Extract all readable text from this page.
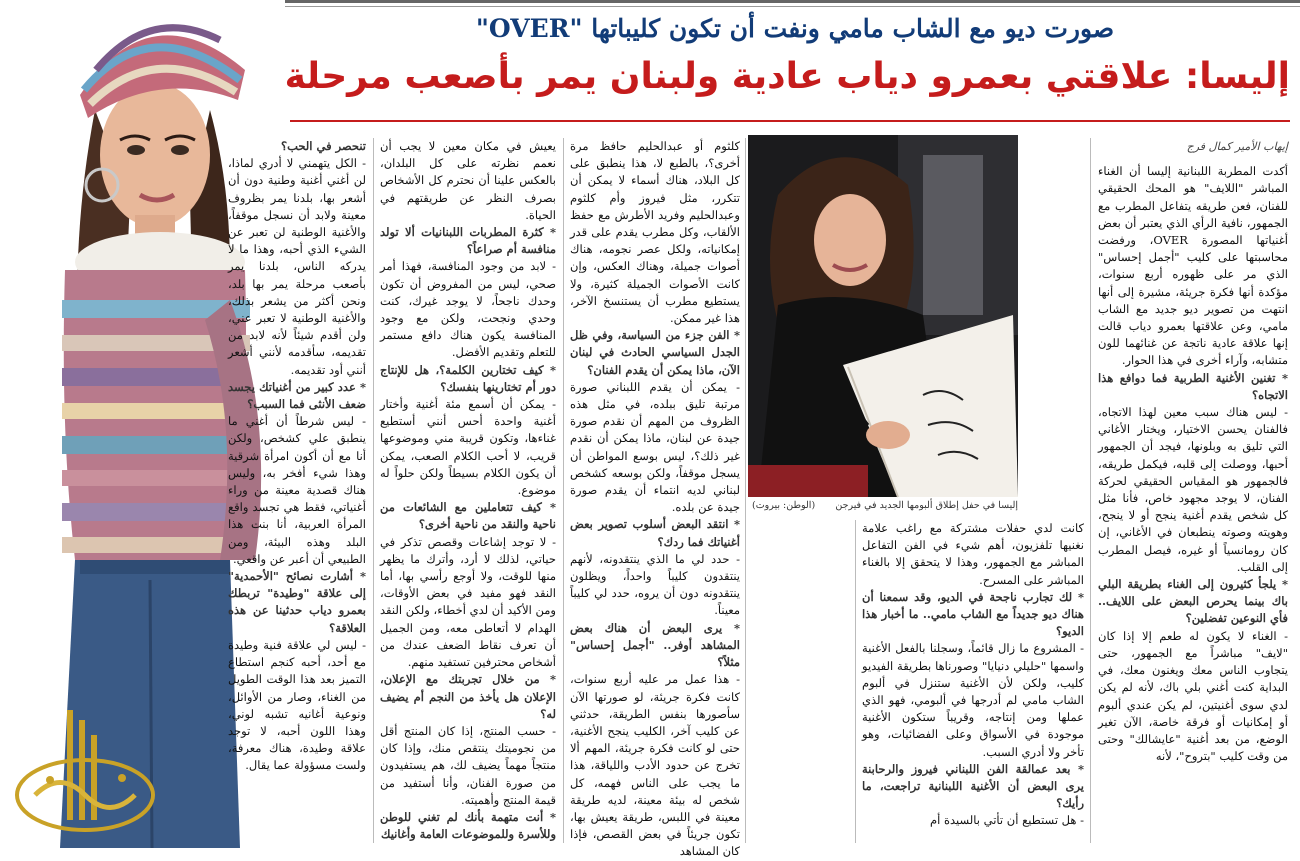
صورت ديو مع الشاب مامي ونفت أن تكون كليباتها "OVER"
إليسا: علاقتي بعمرو دياب عادية ولبنان يمر بأصعب مرحلة

إيهاب الأمير كمال فرج

أكدت المطربة اللبنانية إليسا أن الغناء المباشر "اللايف" هو المحك الحقيقي للفنان، فعن طريقه يتفاعل المطرب مع الجمهور، نافية الرأي الذي يعتبر أن بعض أغنياتها المصورة OVER، ورفضت محاسبتها على كليب "أجمل إحساس" الذي مر على ظهوره أربع سنوات، مؤكدة أنها فكرة جريئة، مشيرة إلى أنها انتهت من تصوير ديو جديد مع الشاب مامي، وعن علاقتها بعمرو دياب قالت إنها علاقة عادية ناتجة عن غنائهما للون متشابه، وآراء أخرى في هذا الحوار.

* تغنين الأغنية الطربية فما دوافع هذا الاتجاه؟

- ليس هناك سبب معين لهذا الاتجاه، فالفنان يحسن الاختيار، ويختار الأغاني التي تليق به وبلونها، فيجد أن الجمهور أحبها، ووصلت إلى قلبه، فيكمل طريقه، فالجمهور هو المقياس الحقيقي لحركة الفنان، لا يوجد مجهود خاص، فأنا مثل كل شخص يقدم أغنية ينجح أو لا ينجح، وهويته وصوته ينطبعان في الأغاني، إن كان رومانسياً أو غيره، فيصل المطرب إلى القلب.

* يلجأ كثيرون إلى الغناء بطريقة البلي باك بينما يحرص البعض على اللايف.. فأي النوعين تفضلين؟

- الغناء لا يكون له طعم إلا إذا كان "لايف" مباشراً مع الجمهور، حتى يتجاوب الناس معك ويغنون معك، في البداية كنت أغني بلي باك، لأنه لم يكن لدي سوى أغنيتين، لم يكن عندي ألبوم أو إمكانيات أو فرقة خاصة، الآن تغير الوضع، من بعد أغنية "عايشالك" وحتى من وقت كليب "بتروح"، لأنه

إليسا في حفل إطلاق ألبومها الجديد في فيرجن
(الوطن: بيروت)

كانت لدي حفلات مشتركة مع راغب علامة نغنيها تلفزيون، أهم شيء في الفن التفاعل المباشر مع الجمهور، وهذا لا يتحقق إلا بالغناء المباشر على المسرح.

* لك تجارب ناجحة في الديو، وقد سمعنا أن هناك ديو جديداً مع الشاب مامي.. ما أخبار هذا الديو؟

- المشروع ما زال قائماً، وسجلنا بالفعل الأغنية واسمها "حليلي دنيايا" وصورناها بطريقة الفيديو كليب، ولكن لأن الأغنية ستنزل في ألبوم الشاب مامي لم أدرجها في ألبومي، فهو الذي عملها ومن إنتاجه، وقريباً ستكون الأغنية موجودة في الأسواق وعلى الفضائيات، وهو تأخر ولا أدري السبب.

* بعد عمالقة الفن اللبناني فيروز والرحابنة يرى البعض أن الأغنية اللبنانية تراجعت، ما رأيك؟

- هل تستطيع أن تأتي بالسيدة أم

كلثوم أو عبدالحليم حافظ مرة أخرى؟، بالطبع لا، هذا ينطبق على كل البلاد، هناك أسماء لا يمكن أن تتكرر، مثل فيروز وأم كلثوم وعبدالحليم وفريد الأطرش مع حفظ الألقاب، وكل مطرب يقدم على قدر إمكانياته، ولكل عصر نجومه، هناك أصوات جميلة، وهناك العكس، وإن كانت الأصوات الجميلة كثيرة، ولا يستطيع مطرب أن يستنسخ الآخر، هذا غير ممكن.

* الفن جزء من السياسة، وفي ظل الجدل السياسي الحادث في لبنان الآن، ماذا يمكن أن يقدم الفنان؟

- يمكن أن يقدم اللبناني صورة مرتبة تليق ببلده، في مثل هذه الظروف من المهم أن نقدم صورة جيدة عن لبنان، ماذا يمكن أن نقدم غير ذلك؟، ليس بوسع المواطن أن يسجل موقفاً، ولكن بوسعه كشخص لبناني لديه انتماء أن يقدم صورة جيدة عن بلده.

* انتقد البعض أسلوب تصوير بعض أغنياتك فما ردك؟

- حدد لي ما الذي ينتقدونه، لأنهم ينتقدون كليباً واحداً، ويظلون ينتقدونه دون أن يروه، حدد لي كليباً معيناً.

* يرى البعض أن هناك بعض المشاهد أوفر.. "أجمل إحساس" مثلاً؟

- هذا عمل مر عليه أربع سنوات، كانت فكرة جريئة، لو صورتها الآن سأصورها بنفس الطريقة، حدثني عن كليب آخر، الكليب ينجح الأغنية، حتى لو كانت فكرة جريئة، المهم ألا تخرج عن حدود الأدب واللياقة، هذا ما يجب على الناس فهمه، كل شخص له بيئة معينة، لديه طريقة معينة في اللبس، طريقة يعيش بها، تكون جريئاً في بعض القصص، فإذا كان المشاهد

يعيش في مكان معين لا يجب أن نعمم نظرته على كل البلدان، بالعكس علينا أن نحترم كل الأشخاص بصرف النظر عن طريقتهم في الحياة.

* كثرة المطربات اللبنانيات ألا تولد منافسة أم صراعاً؟

- لابد من وجود المنافسة، فهذا أمر صحي، ليس من المفروض أن تكون وحدك ناجحاً، لا يوجد غيرك، كنت وحدي ونجحت، ولكن مع وجود المنافسة يكون هناك دافع مستمر للتعلم وتقديم الأفضل.

* كيف تختارين الكلمة؟، هل للإنتاج دور أم تختارينها بنفسك؟

- يمكن أن أسمع مئة أغنية وأختار أغنية واحدة أحس أنني أستطيع غناءها، وتكون قريبة مني وموضوعها قريب، لا أحب الكلام الصعب، يمكن أن يكون الكلام بسيطاً ولكن حلواً له موضوع.

* كيف تتعاملين مع الشائعات من ناحية والنقد من ناحية أخرى؟

- لا توجد إشاعات وقصص تذكر في حياتي، لذلك لا أرد، وأترك ما يظهر منها للوقت، ولا أوجع رأسي بها، أما النقد فهو مفيد في بعض الأوقات، ومن الأكيد أن لدي أخطاء، ولكن النقد الهدام لا أتعاطى معه، ومن الجميل أن تعرف نقاط الضعف عندك من أشخاص محترفين تستفيد منهم.

* من خلال تجربتك مع الإعلان، الإعلان هل يأخذ من النجم أم يضيف له؟

- حسب المنتج، إذا كان المنتج أقل من نجوميتك ينتقص منك، وإذا كان منتجاً مهماً يضيف لك، هم يستفيدون من صورة الفنان، وأنا أستفيد من قيمة المنتج وأهميته.

* أنت متهمة بأنك لم تغني للوطن وللأسرة وللموضوعات العامة وأغانيك

تنحصر في الحب؟

- الكل يتهمني لا أدري لماذا، لن أغني أغنية وطنية دون أن أشعر بها، بلدنا يمر بظروف معينة ولابد أن نسجل موقفاً، والأغنية الوطنية لن تعبر عن الشيء الذي أحبه، وهذا ما لا يدركه الناس، بلدنا يمر بأصعب مرحلة يمر بها بلد، ونحن أكثر من يشعر بذلك، والأغنية الوطنية لا تعبر عني، ولن أقدم شيئاً لأنه لابد من تقديمه، سأقدمه لأنني أشعر أنني أود تقديمه.

* عدد كبير من أغنياتك يجسد ضعف الأنثى فما السبب؟

- ليس شرطاً أن أغني ما ينطبق علي كشخص، ولكن أنا مع أن أكون امرأة شرقية وهذا شيء أفخر به، وليس هناك قصدية معينة من وراء أغنياتي، فقط هي تجسد واقع المرأة العربية، أنا بنت هذا البلد وهذه البيئة، ومن الطبيعي أن أعبر عن واقعي.

* أشارت نصائح "الأحمدية" إلى علاقة "وطيدة" تربطك بعمرو دياب حدثينا عن هذه العلاقة؟

- ليس لي علاقة فنية وطيدة مع أحد، أحبه كنجم استطاع التميز بعد هذا الوقت الطويل من الغناء، وصار من الأوائل، ونوعية أغانيه تشبه لوني، وهذا اللون أحبه، لا توجد علاقة وطيدة، هناك معرفة، ولست مسؤولة عما يقال.
